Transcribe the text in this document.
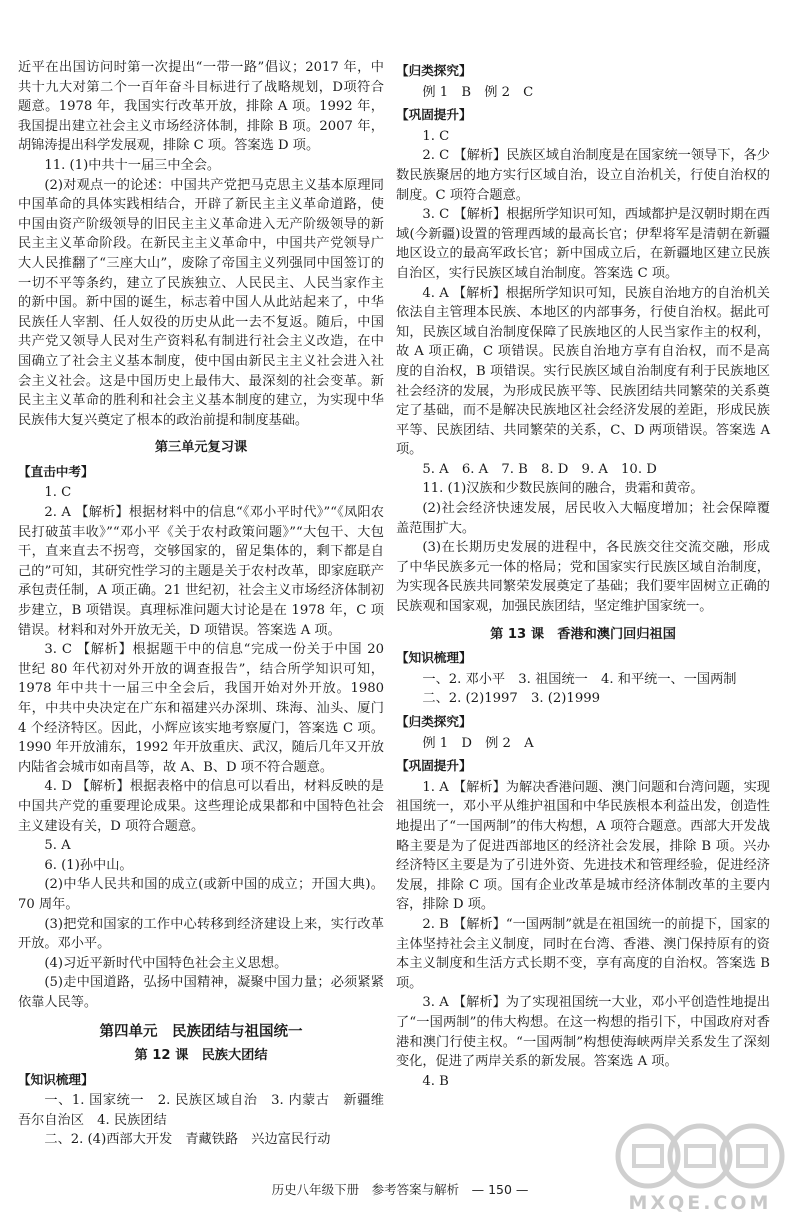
近平在出国访问时第一次提出“一带一路”倡议；2017 年，中共十九大对第二个一百年奋斗目标进行了战略规划，D项符合题意。1978 年，我国实行改革开放，排除 A 项。1992 年，我国提出建立社会主义市场经济体制，排除 B 项。2007 年，胡锦涛提出科学发展观，排除 C 项。答案选 D 项。

11. (1)中共十一届三中全会。

(2)对观点一的论述：中国共产党把马克思主义基本原理同中国革命的具体实践相结合，开辟了新民主主义革命道路，使中国由资产阶级领导的旧民主主义革命进入无产阶级领导的新民主主义革命阶段。在新民主主义革命中，中国共产党领导广大人民推翻了“三座大山”，废除了帝国主义列强同中国签订的一切不平等条约，建立了民族独立、人民民主、人民当家作主的新中国。新中国的诞生，标志着中国人从此站起来了，中华民族任人宰割、任人奴役的历史从此一去不复返。随后，中国共产党又领导人民对生产资料私有制进行社会主义改造，在中国确立了社会主义基本制度，使中国由新民主主义社会进入社会主义社会。这是中国历史上最伟大、最深刻的社会变革。新民主主义革命的胜利和社会主义基本制度的建立，为实现中华民族伟大复兴奠定了根本的政治前提和制度基础。

第三单元复习课
【直击中考】

1. C

2. A 【解析】根据材料中的信息“《邓小平时代》”“《凤阳农民打破茧丰收》”“邓小平《关于农村政策问题》”“大包干、大包干，直来直去不拐弯，交够国家的，留足集体的，剩下都是自己的”可知，其研究性学习的主题是关于农村改革，即家庭联产承包责任制，A 项正确。21 世纪初，社会主义市场经济体制初步建立，B 项错误。真理标准问题大讨论是在 1978 年，C 项错误。材料和对外开放无关，D 项错误。答案选 A 项。

3. C 【解析】根据题干中的信息“完成一份关于中国 20 世纪 80 年代初对外开放的调查报告”，结合所学知识可知，1978 年中共十一届三中全会后，我国开始对外开放。1980 年，中共中央决定在广东和福建兴办深圳、珠海、汕头、厦门 4 个经济特区。因此，小辉应该实地考察厦门，答案选 C 项。1990 年开放浦东，1992 年开放重庆、武汉，随后几年又开放内陆省会城市如南昌等，故 A、B、D 项不符合题意。

4. D 【解析】根据表格中的信息可以看出，材料反映的是中国共产党的重要理论成果。这些理论成果都和中国特色社会主义建设有关，D 项符合题意。

5. A

6. (1)孙中山。

(2)中华人民共和国的成立(或新中国的成立；开国大典)。70 周年。

(3)把党和国家的工作中心转移到经济建设上来，实行改革开放。邓小平。

(4)习近平新时代中国特色社会主义思想。

(5)走中国道路，弘扬中国精神，凝聚中国力量；必须紧紧依靠人民等。

第四单元　民族团结与祖国统一
第 12 课　民族大团结
【知识梳理】

一、1. 国家统一　2. 民族区域自治　3. 内蒙古　新疆维吾尔自治区　4. 民族团结

二、2. (4)西部大开发　青藏铁路　兴边富民行动

【归类探究】

例 1　B　例 2　C

【巩固提升】

1. C

2. C 【解析】民族区域自治制度是在国家统一领导下，各少数民族聚居的地方实行区域自治，设立自治机关，行使自治权的制度。C 项符合题意。

3. C 【解析】根据所学知识可知，西域都护是汉朝时期在西域(今新疆)设置的管理西域的最高长官；伊犁将军是清朝在新疆地区设立的最高军政长官；新中国成立后，在新疆地区建立民族自治区，实行民族区域自治制度。答案选 C 项。

4. A 【解析】根据所学知识可知，民族自治地方的自治机关依法自主管理本民族、本地区的内部事务，行使自治权。据此可知，民族区域自治制度保障了民族地区的人民当家作主的权利，故 A 项正确，C 项错误。民族自治地方享有自治权，而不是高度的自治权，B 项错误。实行民族区域自治制度有利于民族地区社会经济的发展，为形成民族平等、民族团结共同繁荣的关系奠定了基础，而不是解决民族地区社会经济发展的差距，形成民族平等、民族团结、共同繁荣的关系，C、D 两项错误。答案选 A 项。

5. A　6. A　7. B　8. D　9. A　10. D

11. (1)汉族和少数民族间的融合，贵霜和黄帝。

(2)社会经济快速发展，居民收入大幅度增加；社会保障覆盖范围扩大。

(3)在长期历史发展的进程中，各民族交往交流交融，形成了中华民族多元一体的格局；党和国家实行民族区域自治制度，为实现各民族共同繁荣发展奠定了基础；我们要牢固树立正确的民族观和国家观，加强民族团结，坚定维护国家统一。

第 13 课　香港和澳门回归祖国
【知识梳理】

一、2. 邓小平　3. 祖国统一　4. 和平统一、一国两制

二、2. (2)1997　3. (2)1999

【归类探究】

例 1　D　例 2　A

【巩固提升】

1. A 【解析】为解决香港问题、澳门问题和台湾问题，实现祖国统一，邓小平从维护祖国和中华民族根本利益出发，创造性地提出了“一国两制”的伟大构想，A 项符合题意。西部大开发战略主要是为了促进西部地区的经济社会发展，排除 B 项。兴办经济特区主要是为了引进外资、先进技术和管理经验，促进经济发展，排除 C 项。国有企业改革是城市经济体制改革的主要内容，排除 D 项。

2. B 【解析】“一国两制”就是在祖国统一的前提下，国家的主体坚持社会主义制度，同时在台湾、香港、澳门保持原有的资本主义制度和生活方式长期不变，享有高度的自治权。答案选 B 项。

3. A 【解析】为了实现祖国统一大业，邓小平创造性地提出了“一国两制”的伟大构想。在这一构想的指引下，中国政府对香港和澳门行使主权。“一国两制”构想使海峡两岸关系发生了深刻变化，促进了两岸关系的新发展。答案选 A 项。

4. B

历史八年级下册　参考答案与解析　— 150 —
MXQE.COM
